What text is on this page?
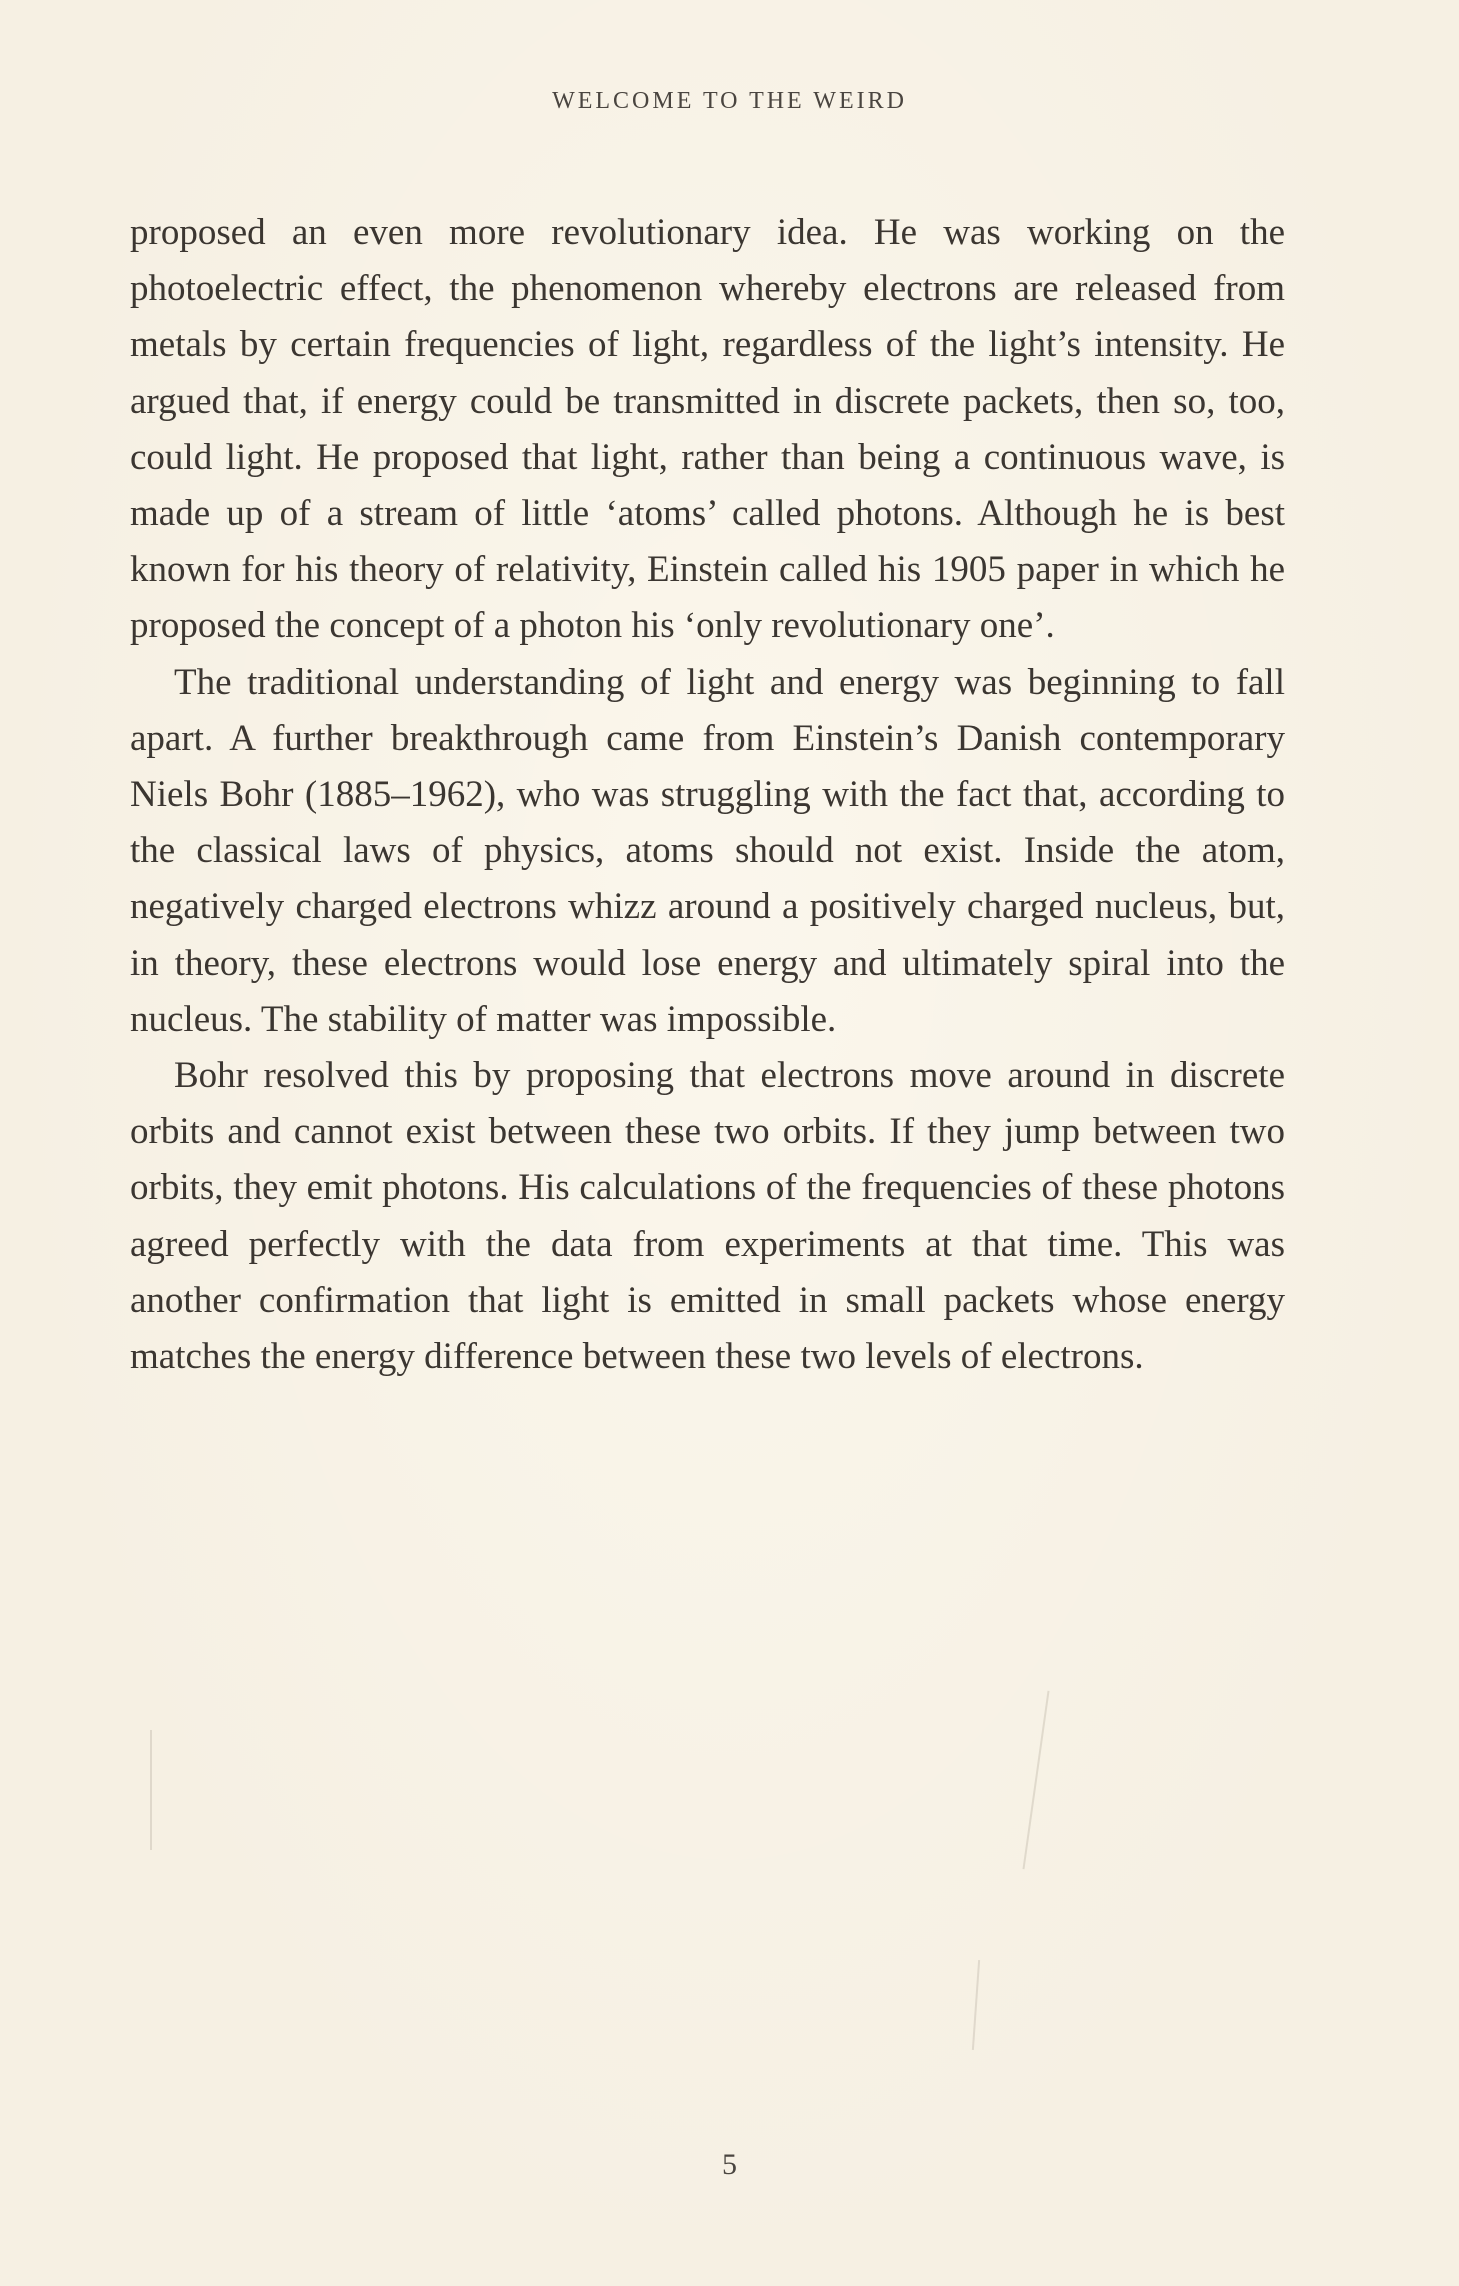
WELCOME TO THE WEIRD

proposed an even more revolutionary idea. He was working on the photoelectric effect, the phenomenon whereby electrons are released from metals by certain frequencies of light, regardless of the light’s intensity. He argued that, if energy could be transmitted in discrete packets, then so, too, could light. He proposed that light, rather than being a continuous wave, is made up of a stream of little ‘atoms’ called photons. Although he is best known for his theory of relativity, Einstein called his 1905 paper in which he proposed the concept of a photon his ‘only revolutionary one’.

The traditional understanding of light and energy was beginning to fall apart. A further breakthrough came from Einstein’s Danish contemporary Niels Bohr (1885–1962), who was struggling with the fact that, according to the classical laws of physics, atoms should not exist. Inside the atom, negatively charged electrons whizz around a positively charged nucleus, but, in theory, these electrons would lose energy and ultimately spiral into the nucleus. The stability of matter was impossible.

Bohr resolved this by proposing that electrons move around in discrete orbits and cannot exist between these two orbits. If they jump between two orbits, they emit photons. His calculations of the frequencies of these photons agreed perfectly with the data from experiments at that time. This was another confirmation that light is emitted in small packets whose energy matches the energy difference between these two levels of electrons.

5
